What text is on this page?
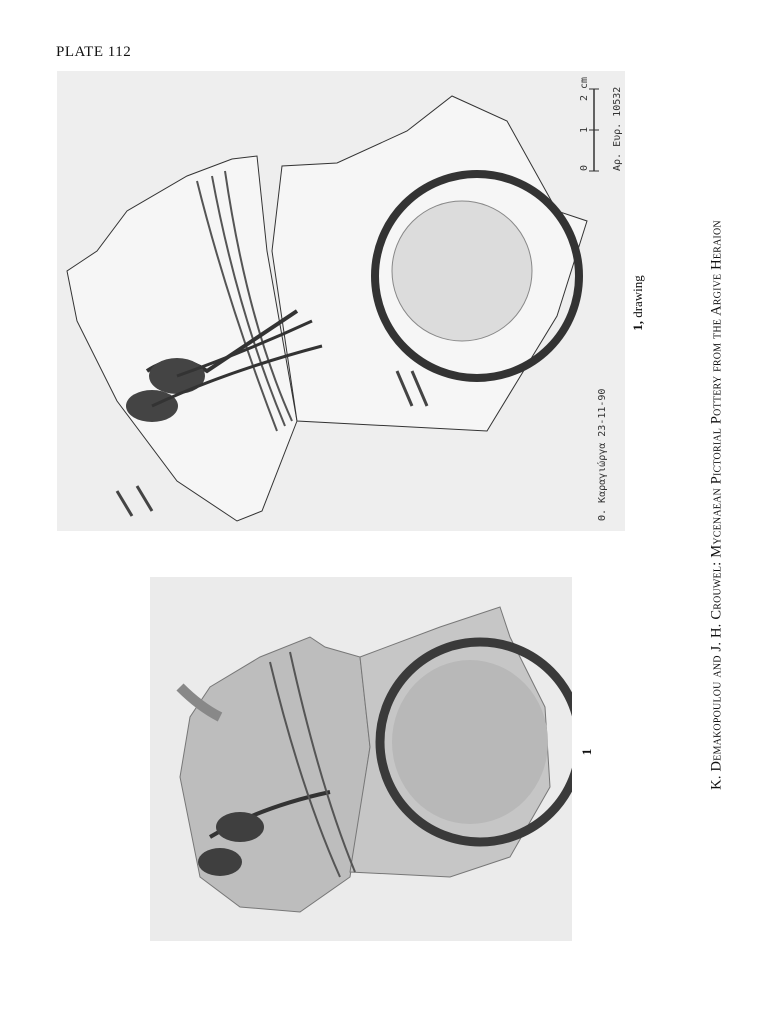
PLATE 112
Θ. Καραγιώργα 23-11-90
Αρ. Ευρ. 10532
0
1
2 cm
1, drawing
1	K. Demakopoulou and J. H. Crouwel: Mycenaean Pictorial Pottery from the Argive Heraion
